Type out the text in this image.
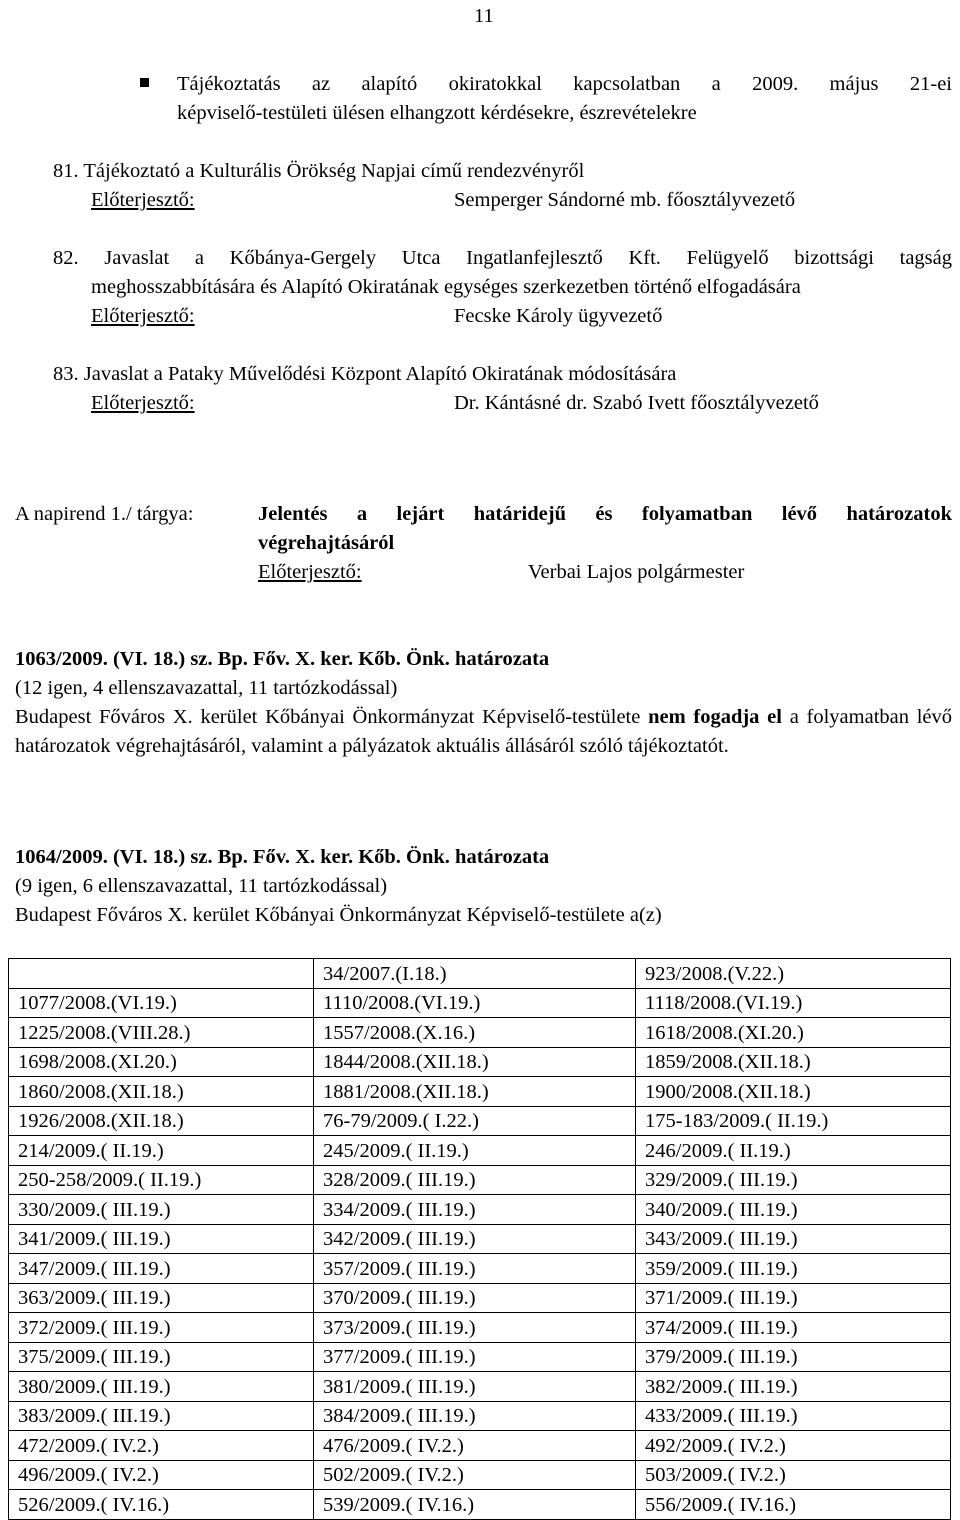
11
Tájékoztatás az alapító okiratokkal kapcsolatban a 2009. május 21-ei
képviselő-testületi ülésen elhangzott kérdésekre, észrevételekre
81. Tájékoztató a Kulturális Örökség Napjai című rendezvényről
Előterjesztő:	Semperger Sándorné mb. főosztályvezető
82. Javaslat a Kőbánya-Gergely Utca Ingatlanfejlesztő Kft. Felügyelő bizottsági tagság
meghosszabbítására és Alapító Okiratának egységes szerkezetben történő elfogadására
Előterjesztő:	Fecske Károly ügyvezető
83. Javaslat a Pataky Művelődési Központ Alapító Okiratának módosítására
Előterjesztő:	Dr. Kántásné dr. Szabó Ivett főosztályvezető
A napirend 1./ tárgya:	Jelentés a lejárt határidejű és folyamatban lévő határozatok
végrehajtásáról
Előterjesztő:	Verbai Lajos polgármester
1063/2009. (VI. 18.) sz. Bp. Főv. X. ker. Kőb. Önk. határozata
(12 igen, 4 ellenszavazattal, 11 tartózkodással)
Budapest Főváros X. kerület Kőbányai Önkormányzat Képviselő-testülete nem fogadja el a folyamatban lévő határozatok végrehajtásáról, valamint a pályázatok aktuális állásáról szóló tájékoztatót.
1064/2009. (VI. 18.) sz. Bp. Főv. X. ker. Kőb. Önk. határozata
(9 igen, 6 ellenszavazattal, 11 tartózkodással)
Budapest Főváros X. kerület Kőbányai Önkormányzat Képviselő-testülete a(z)
	34/2007.(I.18.)	923/2008.(V.22.)
1077/2008.(VI.19.)	1110/2008.(VI.19.)	1118/2008.(VI.19.)
1225/2008.(VIII.28.)	1557/2008.(X.16.)	1618/2008.(XI.20.)
1698/2008.(XI.20.)	1844/2008.(XII.18.)	1859/2008.(XII.18.)
1860/2008.(XII.18.)	1881/2008.(XII.18.)	1900/2008.(XII.18.)
1926/2008.(XII.18.)	76-79/2009.( I.22.)	175-183/2009.( II.19.)
214/2009.( II.19.)	245/2009.( II.19.)	246/2009.( II.19.)
250-258/2009.( II.19.)	328/2009.( III.19.)	329/2009.( III.19.)
330/2009.( III.19.)	334/2009.( III.19.)	340/2009.( III.19.)
341/2009.( III.19.)	342/2009.( III.19.)	343/2009.( III.19.)
347/2009.( III.19.)	357/2009.( III.19.)	359/2009.( III.19.)
363/2009.( III.19.)	370/2009.( III.19.)	371/2009.( III.19.)
372/2009.( III.19.)	373/2009.( III.19.)	374/2009.( III.19.)
375/2009.( III.19.)	377/2009.( III.19.)	379/2009.( III.19.)
380/2009.( III.19.)	381/2009.( III.19.)	382/2009.( III.19.)
383/2009.( III.19.)	384/2009.( III.19.)	433/2009.( III.19.)
472/2009.( IV.2.)	476/2009.( IV.2.)	492/2009.( IV.2.)
496/2009.( IV.2.)	502/2009.( IV.2.)	503/2009.( IV.2.)
526/2009.( IV.16.)	539/2009.( IV.16.)	556/2009.( IV.16.)
